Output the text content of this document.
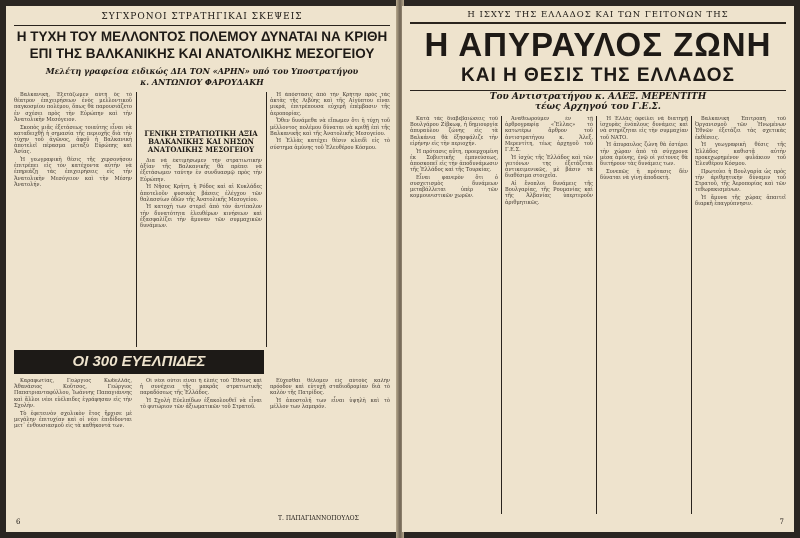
ΣΥΓΧΡΟΝΟΙ ΣΤΡΑΤΗΓΙΚΑΙ ΣΚΕΨΕΙΣ
Η ΤΥΧΗ ΤΟΥ ΜΕΛΛΟΝΤΟΣ ΠΟΛΕΜΟΥ ΔΥΝΑΤΑΙ ΝΑ ΚΡΙΘΗ
ΕΠΙ ΤΗΣ ΒΑΛΚΑΝΙΚΗΣ ΚΑΙ ΑΝΑΤΟΛΙΚΗΣ ΜΕΣΟΓΕΙΟΥ
Μελέτη γραφείσα ειδικώς ΔΙΑ ΤΟΝ «ΑΡΗΝ» υπό του Υποστρατήγου
κ. ΑΝΤΩΝΙΟΥ ΦΑΡΟΥΔΑΚΗ

Βαλκανική, Ἐξετάζωμεν αὐτὴ ὅς τὸ θέατρον ἐπιχειρήσεων ἐνὸς μελλοντικοῦ παγκοσμίου πολέμου, ὅπως θὰ παρουσιάζετο ἐν σχέσει πρὸς τὴν Εὐρώπην καὶ τὴν Ἀνατολικὴν Μεσόγειον.

Σκοπὸς μιᾶς ἐξετάσεως τοιαύτης εἶναι νὰ καταδειχθῇ ἡ σημασία τῆς περιοχῆς διὰ τὴν τύχην τοῦ ἀγῶνος, ἀφοῦ ἡ Βαλκανικὴ ἀποτελεῖ πέρασμα μεταξὺ Εὐρώπης καὶ Ἀσίας.

Ἡ γεωγραφικὴ θέσις τῆς χερσονήσου ἐπιτρέπει εἰς τὸν κατέχοντα αὐτὴν νὰ ἐπηρεάζῃ τὰς ἐπιχειρήσεις εἰς τὴν Ἀνατολικὴν Μεσόγειον καὶ τὴν Μέσην Ἀνατολήν.

ΓΕΝΙΚΗ ΣΤΡΑΤΙΩΤΙΚΗ ΑΞΙΑ ΒΑΛΚΑΝΙΚΗΣ ΚΑΙ ΝΗΣΩΝ ΑΝΑΤΟΛΙΚΗΣ ΜΕΣΟΓΕΙΟΥ

Δια νὰ ἐκτιμήσωμεν τὴν στρατιωτικὴν ἀξίαν τῆς Βαλκανικῆς θὰ πρέπει νὰ ἐξετάσωμεν ταύτην ἐν συνδυασμῷ πρὸς τὴν Εὐρώπην.

Ἡ Νῆσος Κρήτη, ἡ Ρόδος καὶ αἱ Κυκλάδες ἀποτελοῦν φυσικὰς βάσεις ἐλέγχου τῶν θαλασσίων ὁδῶν τῆς Ἀνατολικῆς Μεσογείου.

Ἡ κατοχὴ των στερεῖ ἀπὸ τὸν ἀντίπαλον τὴν δυνατότητα ἐλευθέρων κινήσεων καὶ ἐξασφαλίζει τὴν ἄμυναν τῶν συμμαχικῶν δυνάμεων.

Ἡ ἀπόστασις ἀπὸ τὴν Κρήτην πρὸς τὰς ἀκτὰς τῆς Λιβύης καὶ τῆς Αἰγύπτου εἶναι μικρά, ἐπιτρέπουσα εὐχερῆ ἐπέμβασιν τῆς ἀεροπορίας.

Ὅθεν δυνάμεθα νὰ εἴπωμεν ὅτι ἡ τύχη τοῦ μέλλοντος πολέμου δύναται νὰ κριθῇ ἐπὶ τῆς Βαλκανικῆς καὶ τῆς Ἀνατολικῆς Μεσογείου.

Ἡ Ἑλλὰς κατέχει θέσιν κλειδὶ εἰς τὸ σύστημα ἀμύνης τοῦ Ἐλευθέρου Κόσμου.

ΟΙ 300 ΕΥΕΛΠΙΔΕΣ

Καραφωτίας, Γεώργιος Κωδελλᾶς, Ἀθανάσιος Κοῦτσος, Γεώργιος Παπατριανταφύλλου, Ἰωάννης Παπαγιάννης καὶ ἄλλοι νέοι εὐέλπιδες ἐγράφησαν εἰς τὴν Σχολήν.

Τὸ ἐφετεινὸν σχολικὸν ἔτος ἤρχισε μὲ μεγάλην ἐπιτυχίαν καὶ οἱ νέοι ἐπιδίδονται μετ᾽ ἐνθουσιασμοῦ εἰς τὰ καθήκοντά των.

Οἱ νέοι οὗτοι εἶναι ἡ ἐλπὶς τοῦ Ἔθνους καὶ ἡ συνέχεια τῆς μακρᾶς στρατιωτικῆς παραδόσεως τῆς Ἑλλάδος.

Ἡ Σχολὴ Εὐελπίδων ἐξακολουθεῖ νὰ εἶναι τὸ φυτώριον τῶν ἀξιωματικῶν τοῦ Στρατοῦ.

Εὔχεσθαι θέλομεν εἰς αὐτοὺς καλὴν πρόοδον καὶ εὐτυχῆ σταδιοδρομίαν διὰ τὸ καλὸν τῆς Πατρίδος.

Ἡ ἀποστολή των εἶναι ὑψηλὴ καὶ τὸ μέλλον των λαμπρόν.

Τ. ΠΑΠΑΓΙΑΝΝΟΠΟΥΛΟΣ
6
Η ΙΣΧΥΣ ΤΗΣ ΕΛΛΑΔΟΣ ΚΑΙ ΤΩΝ ΓΕΙΤΟΝΩΝ ΤΗΣ
Η ΑΠΥΡΑΥΛΟΣ ΖΩΝΗ
ΚΑΙ Η ΘΕΣΙΣ ΤΗΣ ΕΛΛΑΔΟΣ
Του Αντιστρατήγου κ. ΑΛΕΞ. ΜΕΡΕΝΤΙΤΗ
τέως Αρχηγού του Γ.Ε.Σ.

Κατὰ τὰς διαβεβαιώσεις τοῦ Βουλγάρου Ζίβκωφ, ἡ δημιουργία ἀπυραύλου ζώνης εἰς τὰ Βαλκάνια θὰ ἐξησφάλιζε τὴν εἰρήνην εἰς τὴν περιοχήν.

Ἡ πρότασις αὕτη, προερχομένη ἐκ Σοβιετικῆς ἐμπνεύσεως, ἀποσκοπεῖ εἰς τὴν ἀποδυνάμωσιν τῆς Ἑλλάδος καὶ τῆς Τουρκίας.

Εἶναι φανερὸν ὅτι ὁ συσχετισμὸς δυνάμεων μεταβάλλεται ὑπὲρ τῶν κομμουνιστικῶν χωρῶν.

Ἀναθεωρούμεν ἐν τῇ ἀρθρογραφίᾳ «Ἕλλας» τὸ κατωτέρω ἄρθρον τοῦ ἀντιστρατήγου κ. Ἀλεξ. Μερεντίτη, τέως ἀρχηγοῦ τοῦ Γ.Ε.Σ.

Ἡ ἰσχὺς τῆς Ἑλλάδος καὶ τῶν γειτόνων της ἐξετάζεται ἀντικειμενικῶς, μὲ βάσιν τὰ διαθέσιμα στοιχεῖα.

Αἱ ἔνοπλοι δυνάμεις τῆς Βουλγαρίας, τῆς Ρουμανίας καὶ τῆς Ἀλβανίας ὑπερτεροῦν ἀριθμητικῶς.

Ἡ Ἑλλὰς ὀφείλει νὰ διατηρῇ ἰσχυρὰς ἐνόπλους δυνάμεις καὶ νὰ στηρίζηται εἰς τὴν συμμαχίαν τοῦ ΝΑΤΟ.

Ἡ ἀπυραυλος ζώνη θὰ ἐστέρει τὴν χώραν ἀπὸ τὰ σύγχρονα μέσα ἀμύνης, ἐνῷ οἱ γείτονες θὰ διετήρουν τὰς δυνάμεις των.

Συνεπῶς ἡ πρότασις δὲν δύναται νὰ γίνῃ ἀποδεκτή.

Βαλκανικὴ Ἐπιτροπὴ τοῦ Ὀργανισμοῦ τῶν Ἡνωμένων Ἐθνῶν ἐξετάζει τὰς σχετικὰς ἐκθέσεις.

Ἡ γεωγραφικὴ θέσις τῆς Ἑλλάδος καθιστᾷ αὐτὴν προκεχωρημένον φυλάκιον τοῦ Ἐλευθέρου Κόσμου.

Πρωτεύει ἡ Βουλγαρία ὡς πρὸς τὴν ἀριθμητικὴν δύναμιν τοῦ Στρατοῦ, τῆς Ἀεροπορίας καὶ τῶν τεθωρακισμένων.

Ἡ ἄμυνα τῆς χώρας ἀπαιτεῖ διαρκῆ ἐπαγρύπνησιν.

7
